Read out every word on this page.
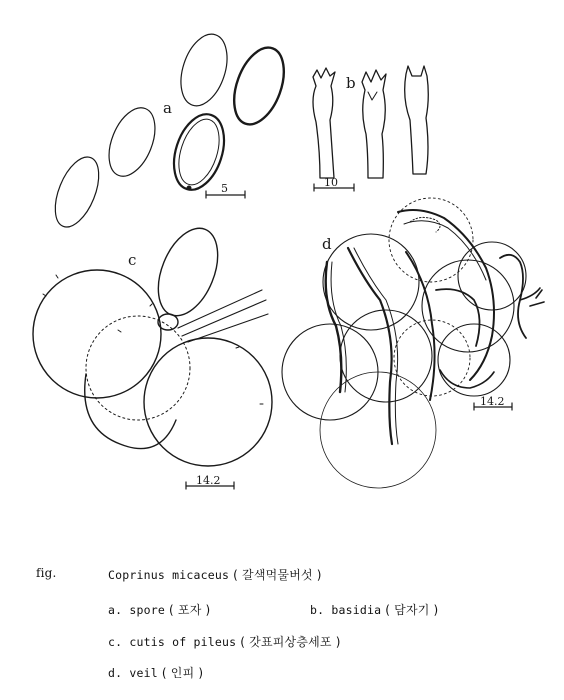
a
5
b
10
c
14.2
d
14.2
fig.	Coprinus micaceus ( 갈색먹물버섯 )
a. spore ( 포자 )	b. basidia ( 담자기 )
c. cutis of pileus ( 갓표피상층세포 )
d. veil ( 인피 )
